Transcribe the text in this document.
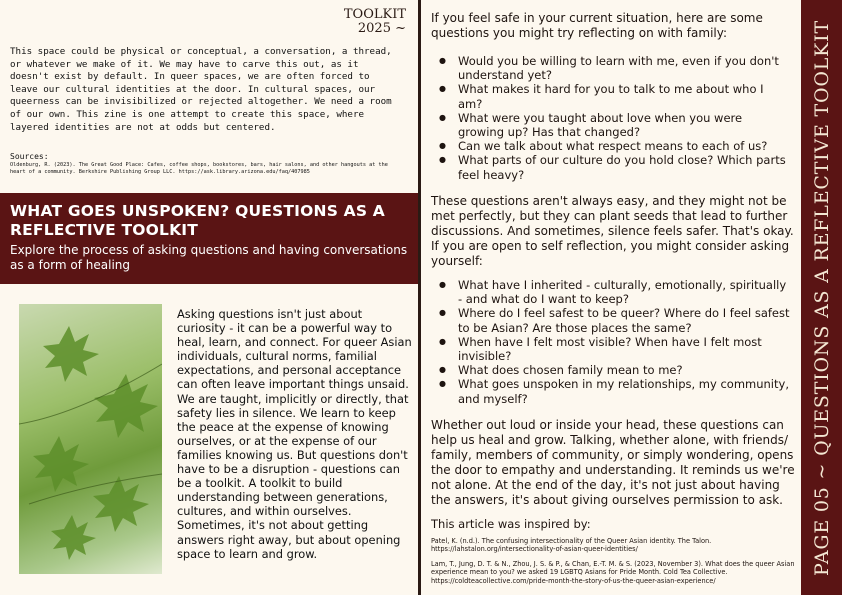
TOOLKIT
2025 ~
This space could be physical or conceptual, a conversation, a thread, or whatever we make of it. We may have to carve this out, as it doesn't exist by default. In queer spaces, we are often forced to leave our cultural identities at the door. In cultural spaces, our queerness can be invisibilized or rejected altogether. We need a room of our own. This zine is one attempt to create this space, where layered identities are not at odds but centered.
Sources:
Oldenburg, R. (2023). The Great Good Place: Cafes, coffee shops, bookstores, bars, hair salons, and other hangouts at the heart of a community. Berkshire Publishing Group LLC. https://ask.library.arizona.edu/faq/407985
WHAT GOES UNSPOKEN? QUESTIONS AS A REFLECTIVE TOOLKIT

Explore the process of asking questions and having conversations as a form of healing

Asking questions isn't just about curiosity - it can be a powerful way to heal, learn, and connect. For queer Asian individuals, cultural norms, familial expectations, and personal acceptance can often leave important things unsaid. We are taught, implicitly or directly, that safety lies in silence. We learn to keep the peace at the expense of knowing ourselves, or at the expense of our families knowing us. But questions don't have to be a disruption - questions can be a toolkit. A toolkit to build understanding between generations, cultures, and within ourselves. Sometimes, it's not about getting answers right away, but about opening space to learn and grow.
If you feel safe in your current situation, here are some questions you might try reflecting on with family:
● Would you be willing to learn with me, even if you don't understand yet?
● What makes it hard for you to talk to me about who I am?
● What were you taught about love when you were growing up? Has that changed?
● Can we talk about what respect means to each of us?
● What parts of our culture do you hold close? Which parts feel heavy?
These questions aren't always easy, and they might not be met perfectly, but they can plant seeds that lead to further discussions. And sometimes, silence feels safer. That's okay. If you are open to self reflection, you might consider asking yourself:
● What have I inherited - culturally, emotionally, spiritually - and what do I want to keep?
● Where do I feel safest to be queer? Where do I feel safest to be Asian? Are those places the same?
● When have I felt most visible? When have I felt most invisible?
● What does chosen family mean to me?
● What goes unspoken in my relationships, my community, and myself?
Whether out loud or inside your head, these questions can help us heal and grow. Talking, whether alone, with friends/ family, members of community, or simply wondering, opens the door to empathy and understanding. It reminds us we're not alone. At the end of the day, it's not just about having the answers, it's about giving ourselves permission to ask.
This article was inspired by:
Patel, K. (n.d.). The confusing intersectionality of the Queer Asian identity. The Talon. https://lahstalon.org/intersectionality-of-asian-queer-identities/
Lam, T., Jung, D. T. & N., Zhou, J. S. & P., & Chan, E.-T. M. & S. (2023, November 3). What does the queer Asian experience mean to you? we asked 19 LGBTQ Asians for Pride Month. Cold Tea Collective. https://coldteacollective.com/pride-month-the-story-of-us-the-queer-asian-experience/
PAGE 05 ~ QUESTIONS AS A REFLECTIVE TOOLKIT
